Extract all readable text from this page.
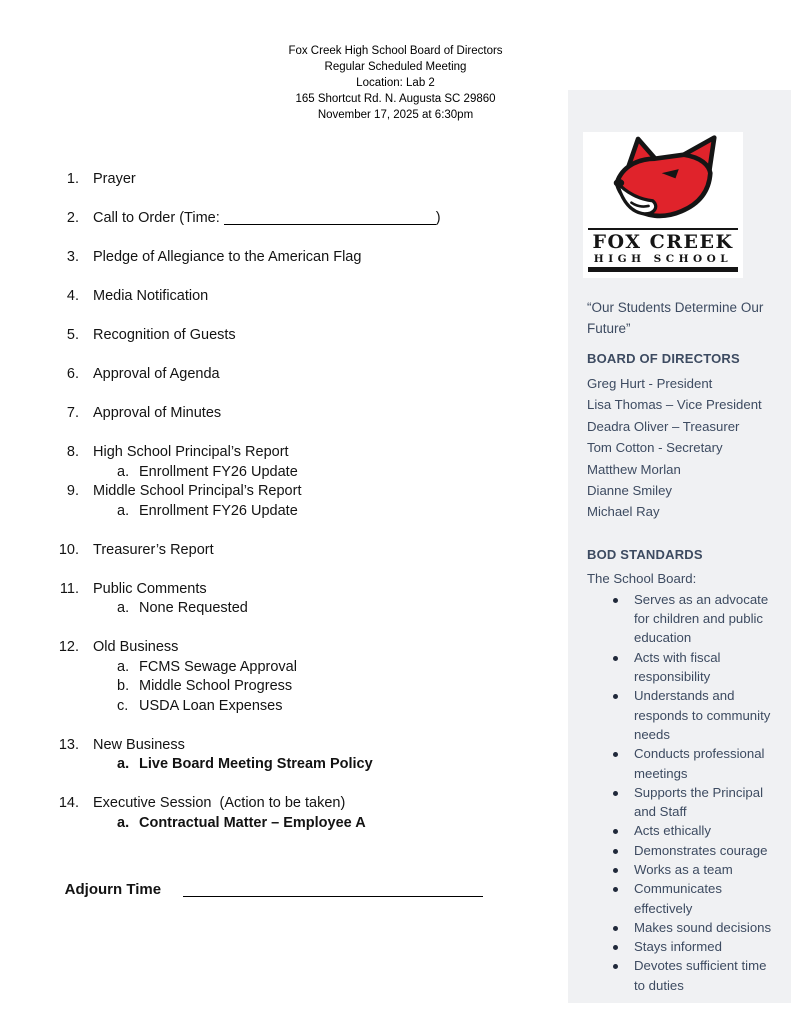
Fox Creek High School Board of Directors
Regular Scheduled Meeting
Location: Lab 2
165 Shortcut Rd. N. Augusta SC 29860
November 17, 2025 at 6:30pm
1. Prayer
2. Call to Order (Time:	)
3. Pledge of Allegiance to the American Flag
4. Media Notification
5. Recognition of Guests
6. Approval of Agenda
7. Approval of Minutes
8. High School Principal’s Report
a. Enrollment FY26 Update
9. Middle School Principal’s Report
a. Enrollment FY26 Update
10. Treasurer’s Report
11. Public Comments
a. None Requested
12. Old Business
a. FCMS Sewage Approval
b. Middle School Progress
c. USDA Loan Expenses
13. New Business
a. Live Board Meeting Stream Policy
14. Executive Session  (Action to be taken)
a. Contractual Matter – Employee A

Adjourn Time

FOX CREEK
HIGH SCHOOL

“Our Students Determine Our Future”

BOARD OF DIRECTORS
Greg Hurt - President
Lisa Thomas – Vice President
Deadra Oliver – Treasurer
Tom Cotton - Secretary
Matthew Morlan
Dianne Smiley
Michael Ray
BOD STANDARDS

The School Board:

Serves as an advocate for children and public education
Acts with fiscal responsibility
Understands and responds to community needs
Conducts professional meetings
Supports the Principal and Staff
Acts ethically
Demonstrates courage
Works as a team
Communicates effectively
Makes sound decisions
Stays informed
Devotes sufficient time to duties
